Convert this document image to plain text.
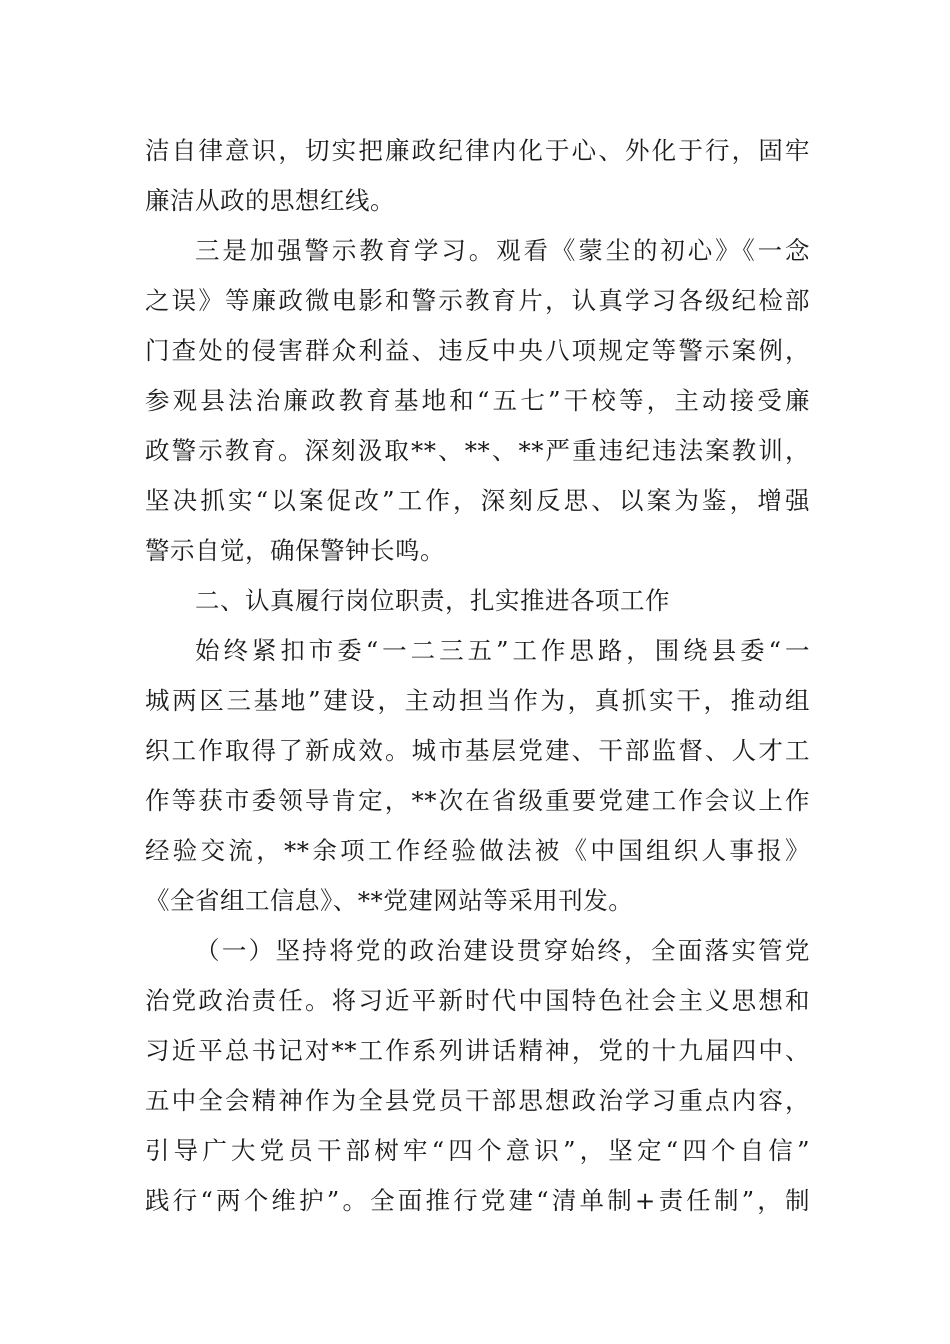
洁自律意识，切实把廉政纪律内化于心、外化于行，固牢
廉洁从政的思想红线。
三是加强警示教育学习。观看《蒙尘的初心》《一念
之误》等廉政微电影和警示教育片，认真学习各级纪检部
门查处的侵害群众利益、违反中央八项规定等警示案例，
参观县法治廉政教育基地和“五七”干校等，主动接受廉
政警示教育。深刻汲取**、**、**严重违纪违法案教训，
坚决抓实“以案促改”工作，深刻反思、以案为鉴，增强
警示自觉，确保警钟长鸣。
二、认真履行岗位职责，扎实推进各项工作
始终紧扣市委“一二三五”工作思路，围绕县委“一
城两区三基地”建设，主动担当作为，真抓实干，推动组
织工作取得了新成效。城市基层党建、干部监督、人才工
作等获市委领导肯定，**次在省级重要党建工作会议上作
经验交流，**余项工作经验做法被《中国组织人事报》
《全省组工信息》、**党建网站等采用刊发。
（一）坚持将党的政治建设贯穿始终，全面落实管党
治党政治责任。将习近平新时代中国特色社会主义思想和
习近平总书记对**工作系列讲话精神，党的十九届四中、
五中全会精神作为全县党员干部思想政治学习重点内容，
引导广大党员干部树牢“四个意识”，坚定“四个自信”
践行“两个维护”。全面推行党建“清单制+责任制”，制
